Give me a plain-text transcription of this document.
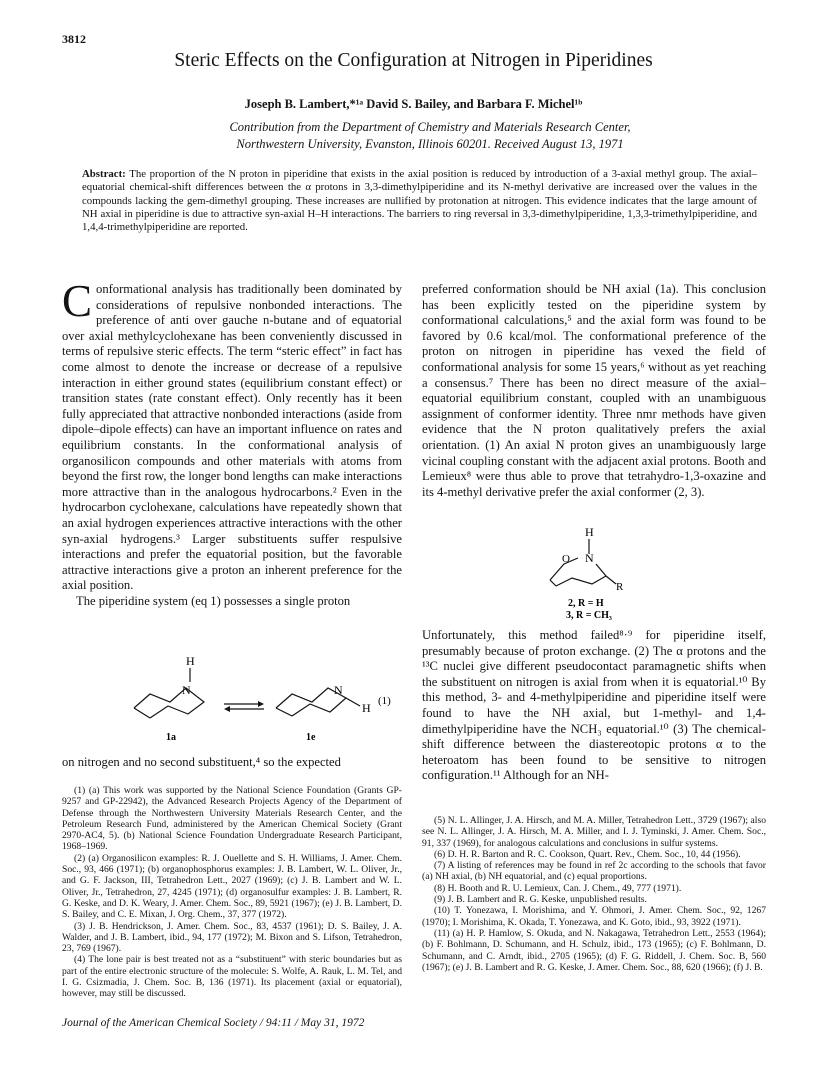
3812
Steric Effects on the Configuration at Nitrogen in Piperidines
Joseph B. Lambert,*¹ᵃ David S. Bailey, and Barbara F. Michel¹ᵇ
Contribution from the Department of Chemistry and Materials Research Center,
Northwestern University, Evanston, Illinois 60201. Received August 13, 1971
Abstract: The proportion of the N proton in piperidine that exists in the axial position is reduced by introduction of a 3-axial methyl group. The axial–equatorial chemical-shift differences between the α protons in 3,3-dimethylpiperidine and its N-methyl derivative are increased over the values in the compounds lacking the gem-dimethyl grouping. These increases are nullified by protonation at nitrogen. This evidence indicates that the large amount of NH axial in piperidine is due to attractive syn-axial H–H interactions. The barriers to ring reversal in 3,3-dimethylpiperidine, 1,3,3-trimethylpiperidine, and 1,4,4-trimethylpiperidine are reported.
C onformational analysis has traditionally been dominated by considerations of repulsive nonbonded interactions. The preference of anti over gauche n-butane and of equatorial over axial methylcyclohexane has been conveniently discussed in terms of repulsive steric effects. The term “steric effect” in fact has come almost to denote the increase or decrease of a repulsive interaction in either ground states (equilibrium constant effect) or transition states (rate constant effect). Only recently has it been fully appreciated that attractive nonbonded interactions (aside from dipole–dipole effects) can have an important influence on rates and equilibrium constants. In the conformational analysis of organosilicon compounds and other materials with atoms from beyond the first row, the longer bond lengths can make interactions more attractive than in the analogous hydrocarbons.² Even in the hydrocarbon cyclohexane, calculations have repeatedly shown that an axial hydrogen experiences attractive interactions with the other syn-axial hydrogens.³ Larger substituents suffer respulsive interactions and prefer the equatorial position, but the favorable attractive interactions give a proton an inherent preference for the axial position.

The piperidine system (eq 1) possesses a single proton

H
N	N
H (1)
1a	1e

on nitrogen and no second substituent,⁴ so the expected

(1) (a) This work was supported by the National Science Foundation (Grants GP-9257 and GP-22942), the Advanced Research Projects Agency of the Department of Defense through the Northwestern University Materials Research Center, and the Petroleum Research Fund, administered by the American Chemical Society (Grant 2970-AC4, 5). (b) National Science Foundation Undergraduate Research Participant, 1968–1969.

(2) (a) Organosilicon examples: R. J. Ouellette and S. H. Williams, J. Amer. Chem. Soc., 93, 466 (1971); (b) organophosphorus examples: J. B. Lambert, W. L. Oliver, Jr., and G. F. Jackson, III, Tetrahedron Lett., 2027 (1969); (c) J. B. Lambert and W. L. Oliver, Jr., Tetrahedron, 27, 4245 (1971); (d) organosulfur examples: J. B. Lambert, R. G. Keske, and D. K. Weary, J. Amer. Chem. Soc., 89, 5921 (1967); (e) J. B. Lambert, D. S. Bailey, and C. E. Mixan, J. Org. Chem., 37, 377 (1972).

(3) J. B. Hendrickson, J. Amer. Chem. Soc., 83, 4537 (1961); D. S. Bailey, J. A. Walder, and J. B. Lambert, ibid., 94, 177 (1972); M. Bixon and S. Lifson, Tetrahedron, 23, 769 (1967).

(4) The lone pair is best treated not as a “substituent” with steric boundaries but as part of the entire electronic structure of the molecule: S. Wolfe, A. Rauk, L. M. Tel, and I. G. Csizmadia, J. Chem. Soc. B, 136 (1971). Its placement (axial or equatorial), however, may still be discussed.

preferred conformation should be NH axial (1a). This conclusion has been explicitly tested on the piperidine system by conformational calculations,⁵ and the axial form was found to be favored by 0.6 kcal/mol. The conformational preference of the proton on nitrogen in piperidine has vexed the field of conformational analysis for some 15 years,⁶ without as yet reaching a consensus.⁷ There has been no direct measure of the axial–equatorial equilibrium constant, coupled with an unambiguous assignment of conformer identity. Three nmr methods have given evidence that the N proton qualitatively prefers the axial orientation. (1) An axial N proton gives an unambiguously large vicinal coupling constant with the adjacent axial protons. Booth and Lemieux⁸ were thus able to prove that tetrahydro-1,3-oxazine and its 4-methyl derivative prefer the axial conformer (2, 3).

H
O N
R
2, R = H
3, R = CH₃

Unfortunately, this method failed⁸·⁹ for piperidine itself, presumably because of proton exchange. (2) The α protons and the ¹³C nuclei give different pseudocontact paramagnetic shifts when the substituent on nitrogen is axial from when it is equatorial.¹⁰ By this method, 3- and 4-methylpiperidine and piperidine itself were found to have the NH axial, but 1-methyl- and 1,4-dimethylpiperidine have the NCH₃ equatorial.¹⁰ (3) The chemical-shift difference between the diastereotopic protons α to the heteroatom has been found to be sensitive to nitrogen configuration.¹¹ Although for an NH-

(5) N. L. Allinger, J. A. Hirsch, and M. A. Miller, Tetrahedron Lett., 3729 (1967); also see N. L. Allinger, J. A. Hirsch, M. A. Miller, and I. J. Tyminski, J. Amer. Chem. Soc., 91, 337 (1969), for analogous calculations and conclusions in sulfur systems.

(6) D. H. R. Barton and R. C. Cookson, Quart. Rev., Chem. Soc., 10, 44 (1956).

(7) A listing of references may be found in ref 2c according to the schools that favor (a) NH axial, (b) NH equatorial, and (c) equal proportions.

(8) H. Booth and R. U. Lemieux, Can. J. Chem., 49, 777 (1971).

(9) J. B. Lambert and R. G. Keske, unpublished results.

(10) T. Yonezawa, I. Morishima, and Y. Ohmori, J. Amer. Chem. Soc., 92, 1267 (1970); I. Morishima, K. Okada, T. Yonezawa, and K. Goto, ibid., 93, 3922 (1971).

(11) (a) H. P. Hamlow, S. Okuda, and N. Nakagawa, Tetrahedron Lett., 2553 (1964); (b) F. Bohlmann, D. Schumann, and H. Schulz, ibid., 173 (1965); (c) F. Bohlmann, D. Schumann, and C. Arndt, ibid., 2705 (1965); (d) F. G. Riddell, J. Chem. Soc. B, 560 (1967); (e) J. B. Lambert and R. G. Keske, J. Amer. Chem. Soc., 88, 620 (1966); (f) J. B.

Journal of the American Chemical Society / 94:11 / May 31, 1972
